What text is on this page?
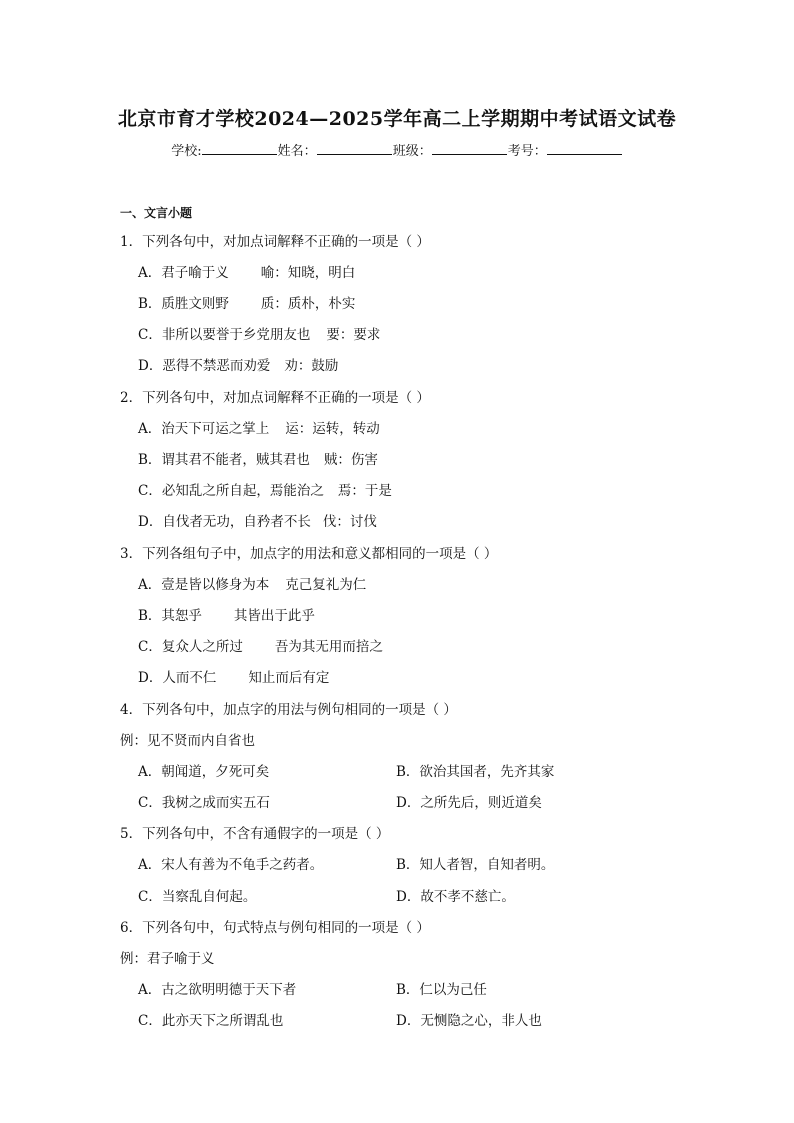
北京市育才学校2024—2025学年高二上学期期中考试语文试卷
学校:	姓名：	班级：	考号：
一、文言小题
1．下列各句中，对加点词解释不正确的一项是（ ）
A．君子喻于义 喻：知晓，明白
B．质胜文则野 质：质朴，朴实
C．非所以要誉于乡党朋友也 要：要求
D．恶得不禁恶而劝爱 劝：鼓励
2．下列各句中，对加点词解释不正确的一项是（ ）
A．治天下可运之掌上 运：运转，转动
B．谓其君不能者，贼其君也 贼：伤害
C．必知乱之所自起，焉能治之 焉：于是
D．自伐者无功，自矜者不长 伐：讨伐
3．下列各组句子中，加点字的用法和意义都相同的一项是（ ）
A．壹是皆以修身为本 克己复礼为仁
B．其恕乎 其皆出于此乎
C．复众人之所过 吾为其无用而掊之
D．人而不仁 知止而后有定
4．下列各句中，加点字的用法与例句相同的一项是（ ）
例：见不贤而内自省也
A．朝闻道，夕死可矣	B．欲治其国者，先齐其家
C．我树之成而实五石	D．之所先后，则近道矣
5．下列各句中，不含有通假字的一项是（ ）
A．宋人有善为不龟手之药者。	B．知人者智，自知者明。
C．当察乱自何起。	D．故不孝不慈亡。
6．下列各句中，句式特点与例句相同的一项是（ ）
例：君子喻于义
A．古之欲明明德于天下者	B．仁以为己任
C．此亦天下之所谓乱也	D．无恻隐之心，非人也
